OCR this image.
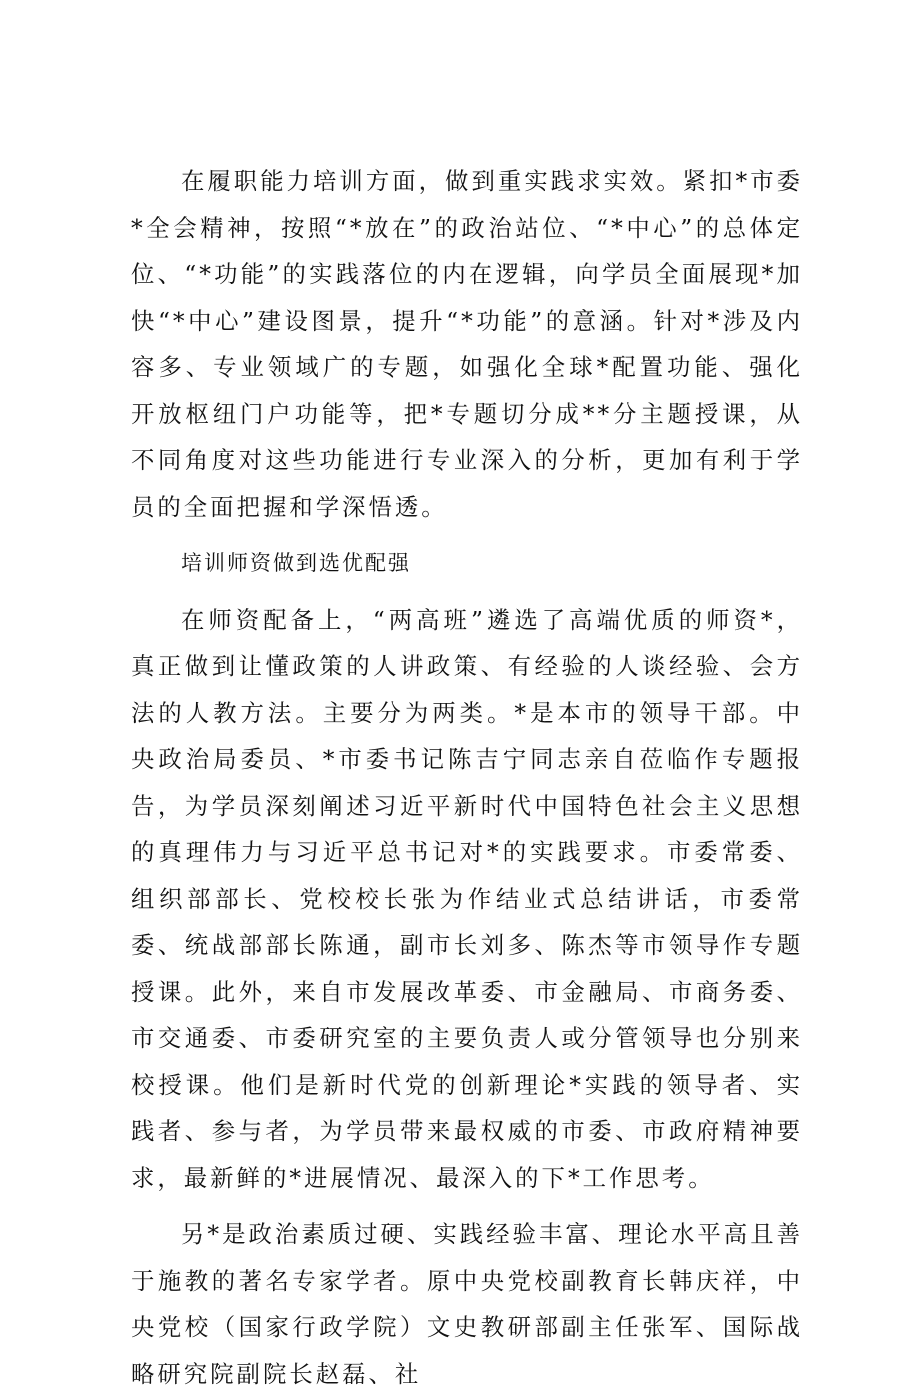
在履职能力培训方面，做到重实践求实效。紧扣*市委*全会精神，按照“*放在”的政治站位、“*中心”的总体定位、“*功能”的实践落位的内在逻辑，向学员全面展现*加快“*中心”建设图景，提升“*功能”的意涵。针对*涉及内容多、专业领域广的专题，如强化全球*配置功能、强化开放枢纽门户功能等，把*专题切分成**分主题授课，从不同角度对这些功能进行专业深入的分析，更加有利于学员的全面把握和学深悟透。

培训师资做到选优配强

在师资配备上，“两高班”遴选了高端优质的师资*，真正做到让懂政策的人讲政策、有经验的人谈经验、会方法的人教方法。主要分为两类。*是本市的领导干部。中央政治局委员、*市委书记陈吉宁同志亲自莅临作专题报告，为学员深刻阐述习近平新时代中国特色社会主义思想的真理伟力与习近平总书记对*的实践要求。市委常委、组织部部长、党校校长张为作结业式总结讲话，市委常委、统战部部长陈通，副市长刘多、陈杰等市领导作专题授课。此外，来自市发展改革委、市金融局、市商务委、市交通委、市委研究室的主要负责人或分管领导也分别来校授课。他们是新时代党的创新理论*实践的领导者、实践者、参与者，为学员带来最权威的市委、市政府精神要求，最新鲜的*进展情况、最深入的下*工作思考。

另*是政治素质过硬、实践经验丰富、理论水平高且善于施教的著名专家学者。原中央党校副教育长韩庆祥，中央党校（国家行政学院）文史教研部副主任张军、国际战略研究院副院长赵磊、社
